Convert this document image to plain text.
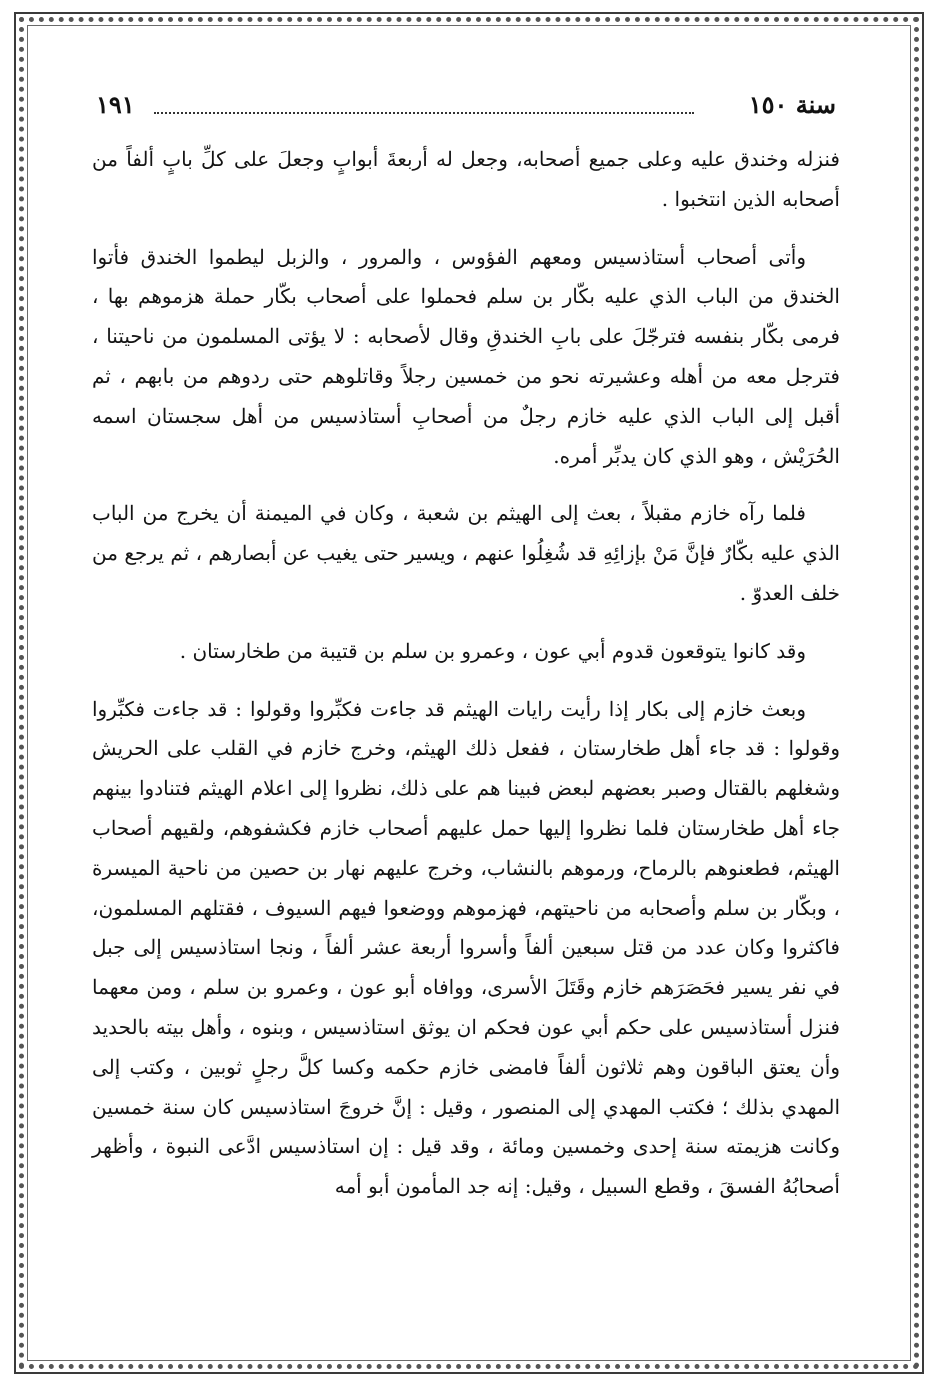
سنة ١٥٠
١٩١

فنزله وخندق عليه وعلى جميع أصحابه، وجعل له أربعةَ أبوابٍ وجعلَ على كلِّ بابٍ ألفاً من أصحابه الذين انتخبوا .

وأتى أصحاب أستاذسيس ومعهم الفؤوس ، والمرور ، والزبل ليطموا الخندق فأتوا الخندق من الباب الذي عليه بكّار بن سلم فحملوا على أصحاب بكّار حملة هزموهم بها ، فرمى بكّار بنفسه فترجّلَ على بابِ الخندقِ وقال لأصحابه : لا يؤتى المسلمون من ناحيتنا ، فترجل معه من أهله وعشيرته نحو من خمسين رجلاً وقاتلوهم حتى ردوهم من بابهم ، ثم أقبل إلى الباب الذي عليه خازم رجلٌ من أصحابِ أستاذسيس من أهل سجستان اسمه الحُرَيْش ، وهو الذي كان يدبِّر أمره.

فلما رآه خازم مقبلاً ، بعث إلى الهيثم بن شعبة ، وكان في الميمنة أن يخرج من الباب الذي عليه بكّارٌ فإنَّ مَنْ بإزائِهِ قد شُغِلُوا عنهم ، ويسير حتى يغيب عن أبصارهم ، ثم يرجع من خلف العدوّ .

وقد كانوا يتوقعون قدوم أبي عون ، وعمرو بن سلم بن قتيبة من طخارستان .

وبعث خازم إلى بكار إذا رأيت رايات الهيثم قد جاءت فكبِّروا وقولوا : قد جاءت فكبِّروا وقولوا : قد جاء أهل طخارستان ، ففعل ذلك الهيثم، وخرج خازم في القلب على الحريش وشغلهم بالقتال وصبر بعضهم لبعض فبينا هم على ذلك، نظروا إلى اعلام الهيثم فتنادوا بينهم جاء أهل طخارستان فلما نظروا إليها حمل عليهم أصحاب خازم فكشفوهم، ولقيهم أصحاب الهيثم، فطعنوهم بالرماح، ورموهم بالنشاب، وخرج عليهم نهار بن حصين من ناحية الميسرة ، وبكّار بن سلم وأصحابه من ناحيتهم، فهزموهم ووضعوا فيهم السيوف ، فقتلهم المسلمون، فاكثروا وكان عدد من قتل سبعين ألفاً وأسروا أربعة عشر ألفاً ، ونجا استاذسيس إلى جبل في نفر يسير فحَصَرَهم خازم وقَتَلَ الأسرى، ووافاه أبو عون ، وعمرو بن سلم ، ومن معهما فنزل أستاذسيس على حكم أبي عون فحكم ان يوثق استاذسيس ، وبنوه ، وأهل بيته بالحديد وأن يعتق الباقون وهم ثلاثون ألفاً فامضى خازم حكمه وكسا كلَّ رجلٍ ثوبين ، وكتب إلى المهدي بذلك ؛ فكتب المهدي إلى المنصور ، وقيل : إنَّ خروجَ استاذسيس كان سنة خمسين وكانت هزيمته سنة إحدى وخمسين ومائة ، وقد قيل : إن استاذسيس ادَّعى النبوة ، وأظهر أصحابُهُ الفسقَ ، وقطع السبيل ، وقيل: إنه جد المأمون أبو أمه
